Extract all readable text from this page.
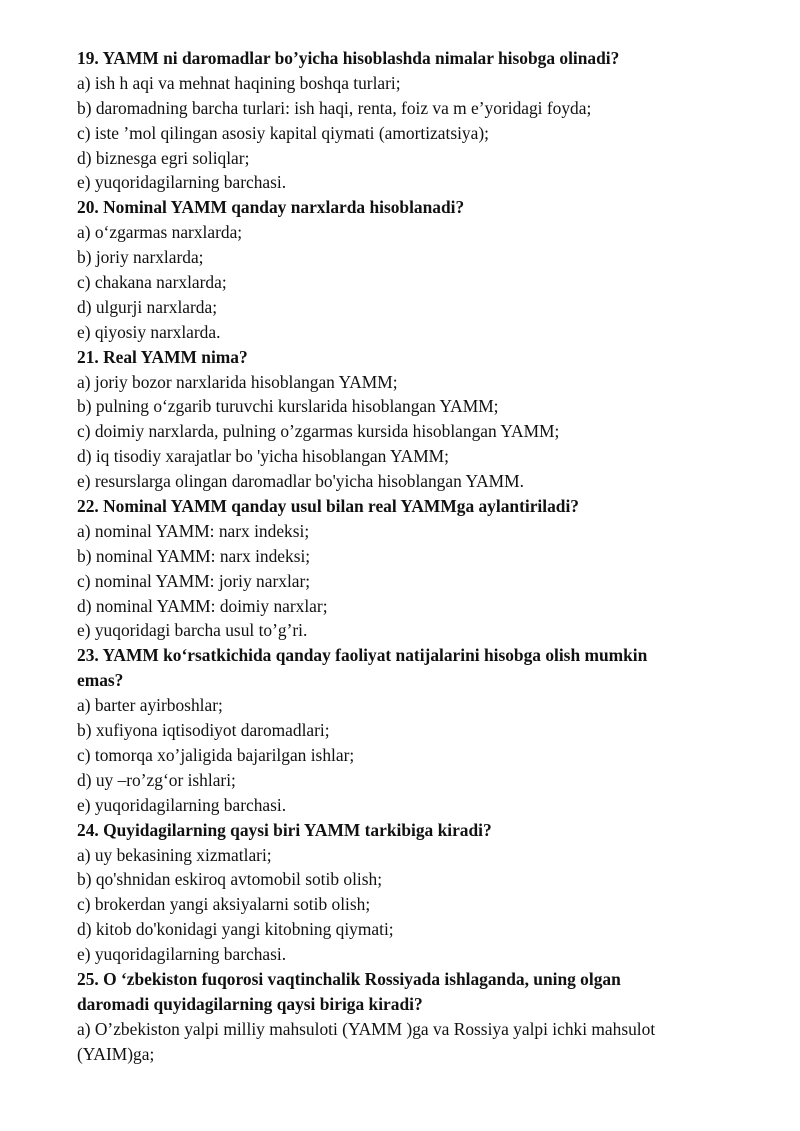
19. YAMM ni daromadlar bo’yicha hisoblashda nimalar hisobga olinadi?
a) ish h aqi va mehnat haqining boshqa turlari;
b) daromadning barcha turlari: ish haqi, renta, foiz va m e’yoridagi foyda;
c) iste ’mol qilingan asosiy kapital qiymati (amortizatsiya);
d) biznesga egri soliqlar;
e) yuqoridagilarning barchasi.
20. Nominal YAMM qanday narxlarda hisoblanadi?
a) o‘zgarmas narxlarda;
b) joriy narxlarda;
c) chakana narxlarda;
d) ulgurji narxlarda;
e) qiyosiy narxlarda.
21. Real YAMM nima?
a) joriy bozor narxlarida hisoblangan YAMM;
b) pulning o‘zgarib turuvchi kurslarida hisoblangan YAMM;
c) doimiy narxlarda, pulning o’zgarmas kursida hisoblangan YAMM;
d) iq tisodiy xarajatlar bo 'yicha hisoblangan YAMM;
e) resurslarga olingan daromadlar bo'yicha hisoblangan YAMM.
22. Nominal YAMM qanday usul bilan real YAMMga aylantiriladi?
a) nominal YAMM: narx indeksi;
b) nominal YAMM: narx indeksi;
c) nominal YAMM: joriy narxlar;
d) nominal YAMM: doimiy narxlar;
e) yuqoridagi barcha usul to’g’ri.
23. YAMM ko‘rsatkichida qanday faoliyat natijalarini hisobga olish mumkin
emas?
a) barter ayirboshlar;
b) xufiyona iqtisodiyot daromadlari;
c) tomorqa xo’jaligida bajarilgan ishlar;
d) uy –ro’zg‘or ishlari;
e) yuqoridagilarning barchasi.
24. Quyidagilarning qaysi biri YAMM tarkibiga kiradi?
a) uy bekasining xizmatlari;
b) qo'shnidan eskiroq avtomobil sotib olish;
c) brokerdan yangi aksiyalarni sotib olish;
d) kitob do'konidagi yangi kitobning qiymati;
e) yuqoridagilarning barchasi.
25. O ‘zbekiston fuqorosi vaqtinchalik Rossiyada ishlaganda, uning olgan
daromadi quyidagilarning qaysi biriga kiradi?
a) O’zbekiston yalpi milliy mahsuloti (YAMM )ga va Rossiya yalpi ichki mahsulot
(YAIM)ga;
